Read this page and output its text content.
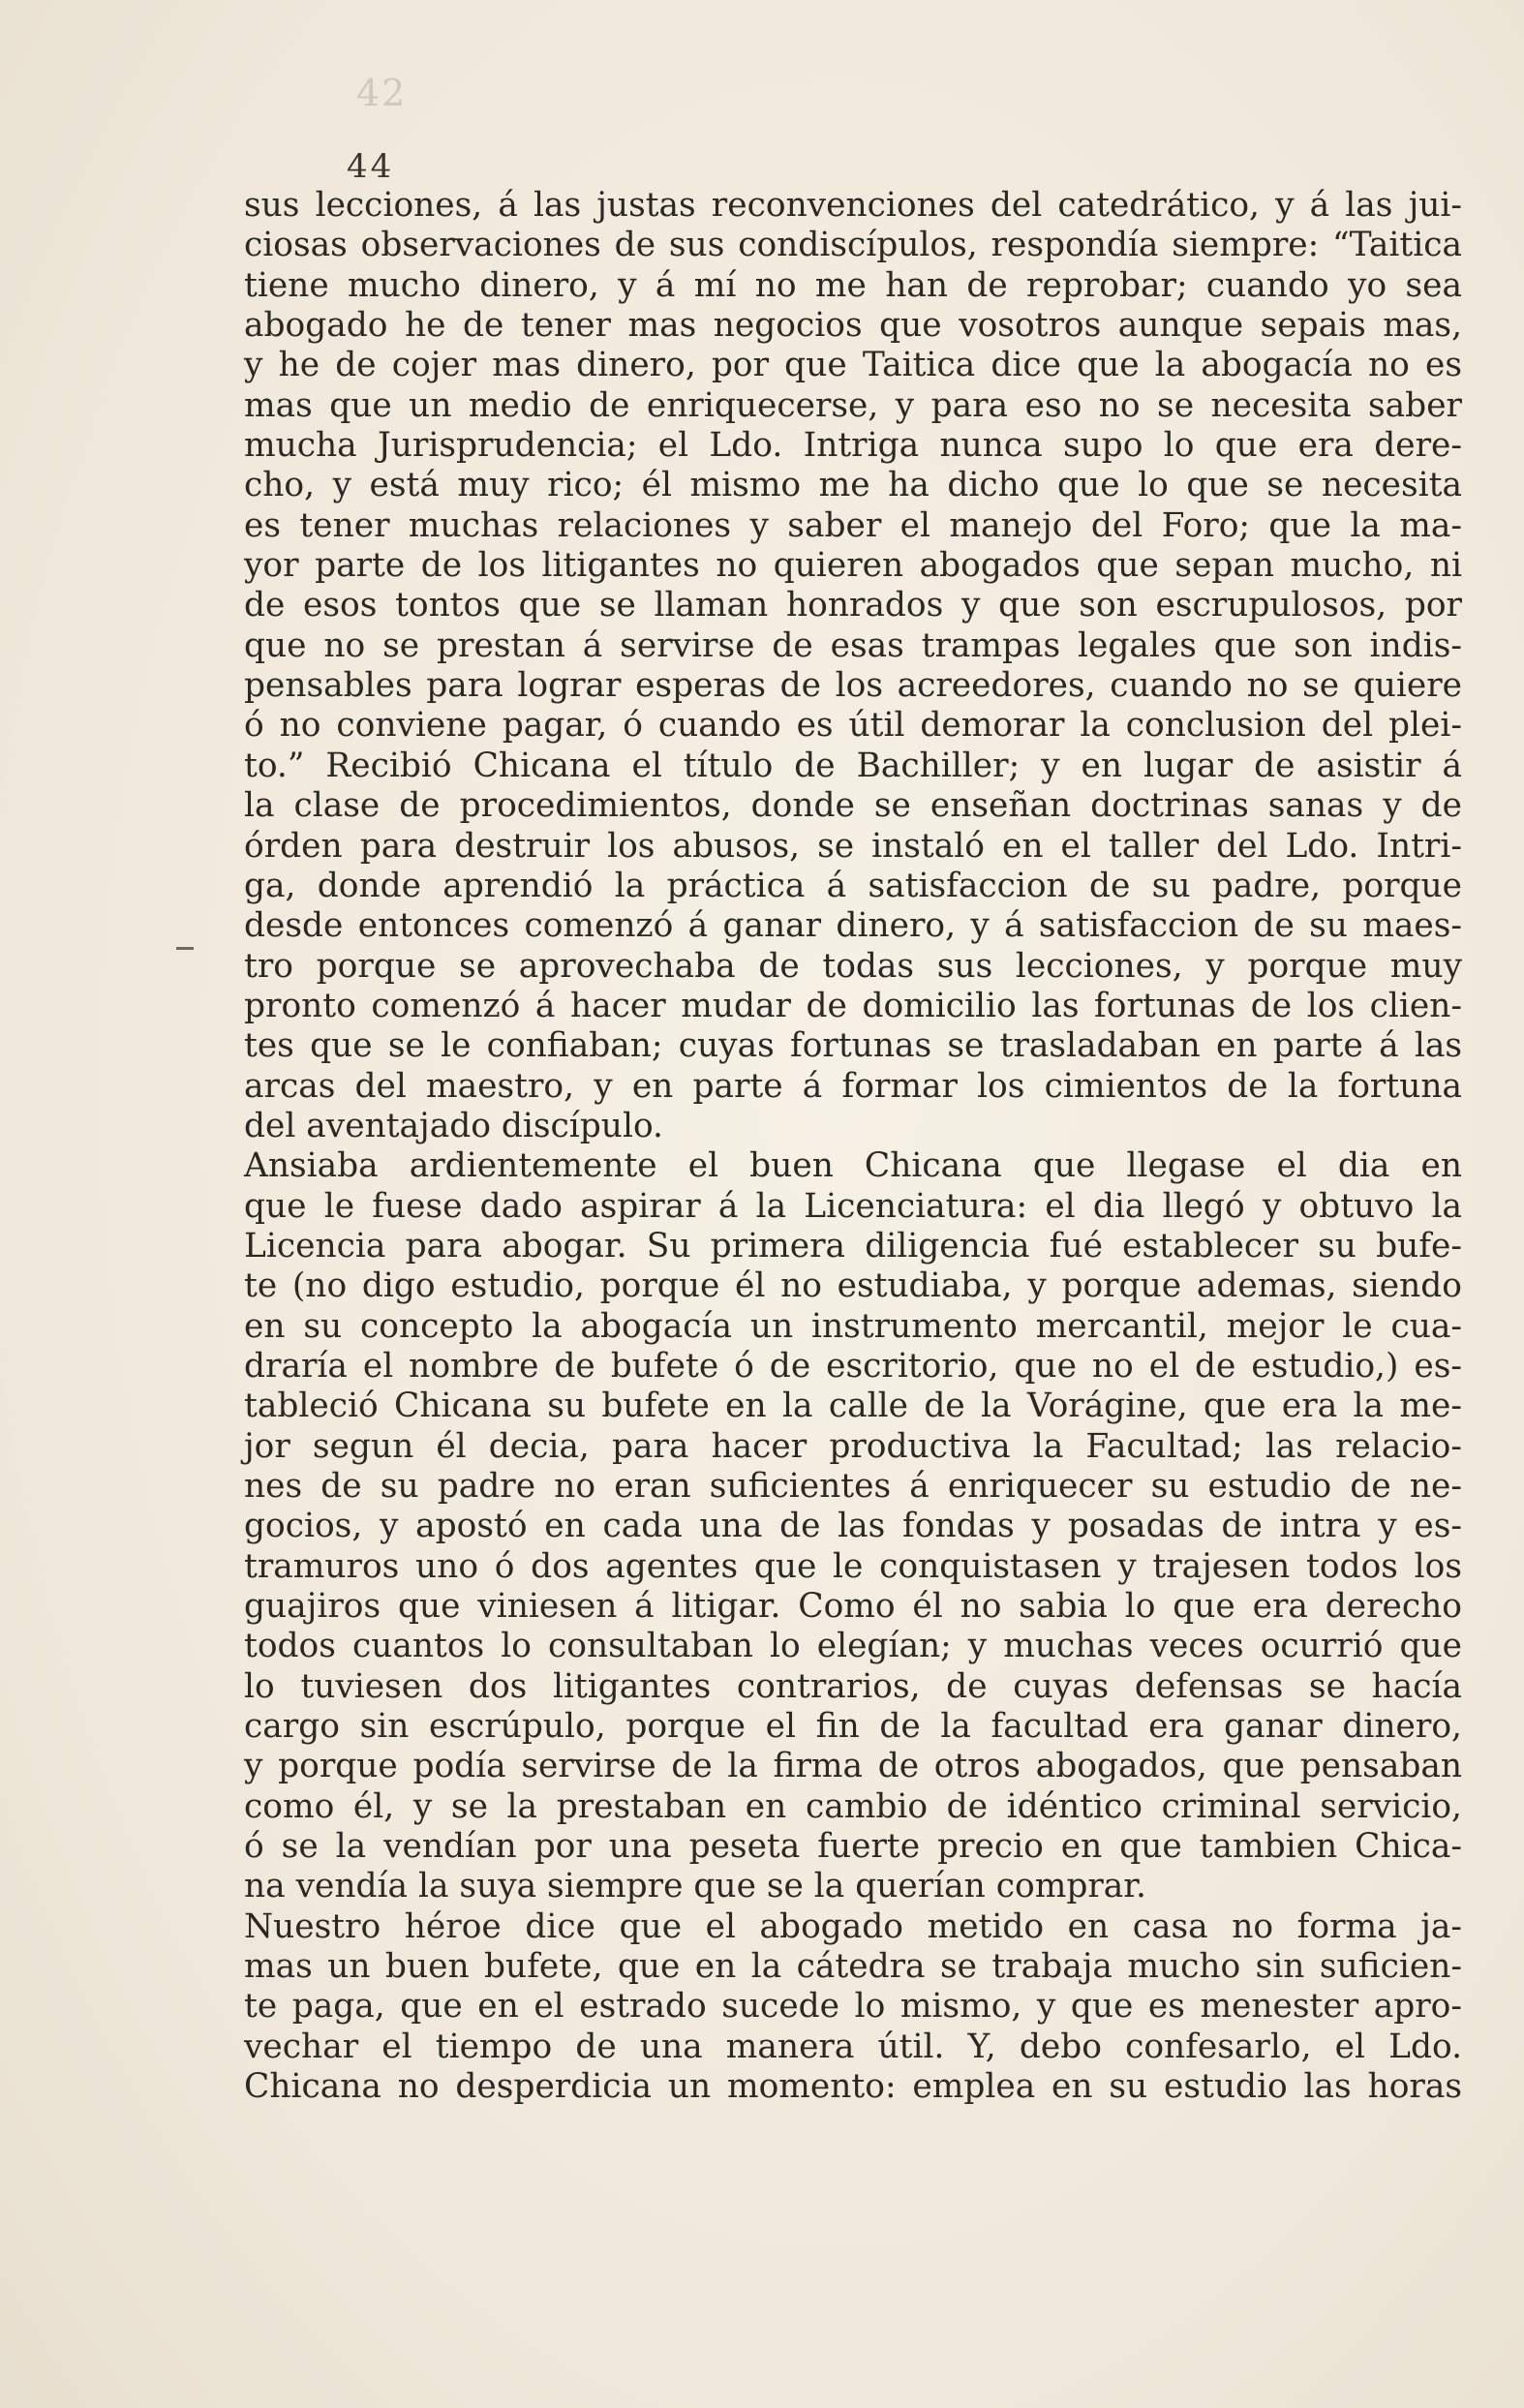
42
44
sus lecciones, á las justas reconvenciones del catedrático, y á las jui-
ciosas observaciones de sus condiscípulos, respondía siempre: “Taitica
tiene mucho dinero, y á mí no me han de reprobar; cuando yo sea
abogado he de tener mas negocios que vosotros aunque sepais mas,
y he de cojer mas dinero, por que Taitica dice que la abogacía no es
mas que un medio de enriquecerse, y para eso no se necesita saber
mucha Jurisprudencia; el Ldo. Intriga nunca supo lo que era dere-
cho, y está muy rico; él mismo me ha dicho que lo que se necesita
es tener muchas relaciones y saber el manejo del Foro; que la ma-
yor parte de los litigantes no quieren abogados que sepan mucho, ni
de esos tontos que se llaman honrados y que son escrupulosos, por
que no se prestan á servirse de esas trampas legales que son indis-
pensables para lograr esperas de los acreedores, cuando no se quiere
ó no conviene pagar, ó cuando es útil demorar la conclusion del plei-
to.” Recibió Chicana el título de Bachiller; y en lugar de asistir á
la clase de procedimientos, donde se enseñan doctrinas sanas y de
órden para destruir los abusos, se instaló en el taller del Ldo. Intri-
ga, donde aprendió la práctica á satisfaccion de su padre, porque
desde entonces comenzó á ganar dinero, y á satisfaccion de su maes-
tro porque se aprovechaba de todas sus lecciones, y porque muy
pronto comenzó á hacer mudar de domicilio las fortunas de los clien-
tes que se le confiaban; cuyas fortunas se trasladaban en parte á las
arcas del maestro, y en parte á formar los cimientos de la fortuna
del aventajado discípulo.
Ansiaba ardientemente el buen Chicana que llegase el dia en
que le fuese dado aspirar á la Licenciatura: el dia llegó y obtuvo la
Licencia para abogar. Su primera diligencia fué establecer su bufe-
te (no digo estudio, porque él no estudiaba, y porque ademas, siendo
en su concepto la abogacía un instrumento mercantil, mejor le cua-
draría el nombre de bufete ó de escritorio, que no el de estudio,) es-
tableció Chicana su bufete en la calle de la Vorágine, que era la me-
jor segun él decia, para hacer productiva la Facultad; las relacio-
nes de su padre no eran suficientes á enriquecer su estudio de ne-
gocios, y apostó en cada una de las fondas y posadas de intra y es-
tramuros uno ó dos agentes que le conquistasen y trajesen todos los
guajiros que viniesen á litigar. Como él no sabia lo que era derecho
todos cuantos lo consultaban lo elegían; y muchas veces ocurrió que
lo tuviesen dos litigantes contrarios, de cuyas defensas se hacía
cargo sin escrúpulo, porque el fin de la facultad era ganar dinero,
y porque podía servirse de la firma de otros abogados, que pensaban
como él, y se la prestaban en cambio de idéntico criminal servicio,
ó se la vendían por una peseta fuerte precio en que tambien Chica-
na vendía la suya siempre que se la querían comprar.
Nuestro héroe dice que el abogado metido en casa no forma ja-
mas un buen bufete, que en la cátedra se trabaja mucho sin suficien-
te paga, que en el estrado sucede lo mismo, y que es menester apro-
vechar el tiempo de una manera útil. Y, debo confesarlo, el Ldo.
Chicana no desperdicia un momento: emplea en su estudio las horas
